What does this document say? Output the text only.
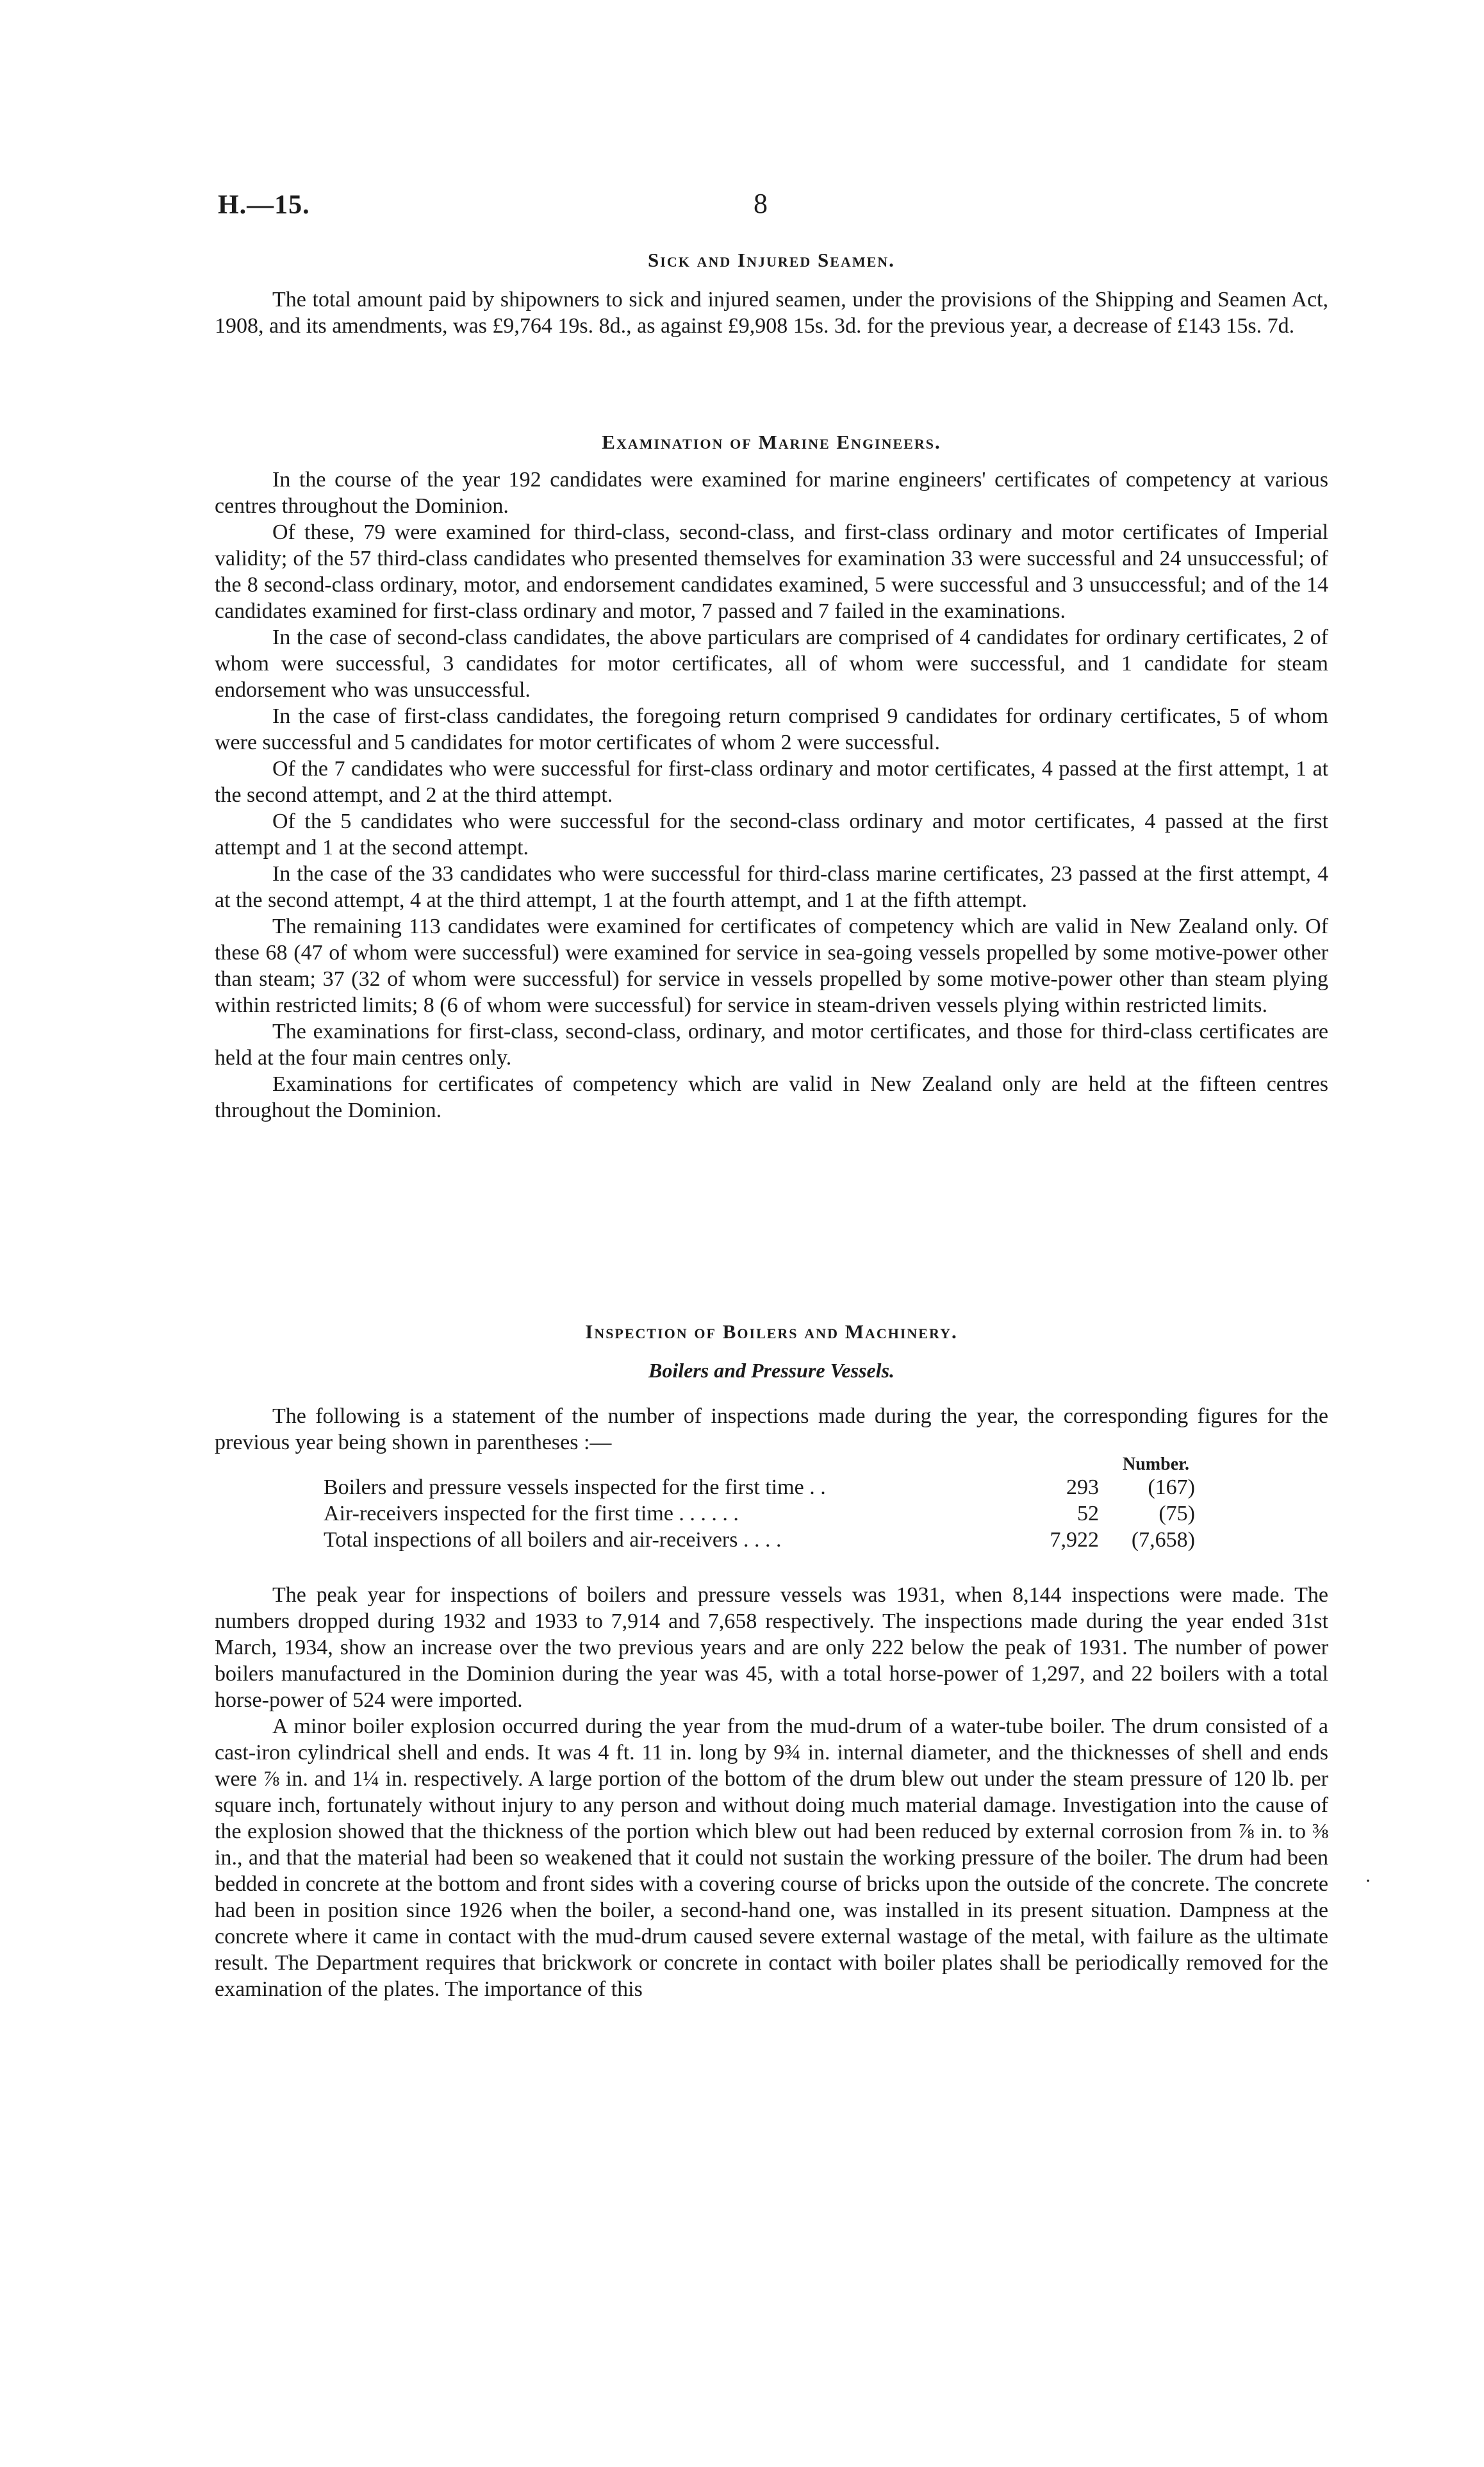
H.—15.	8
Sick and Injured Seamen.

The total amount paid by shipowners to sick and injured seamen, under the provisions of the Shipping and Seamen Act, 1908, and its amendments, was £9,764 19s. 8d., as against £9,908 15s. 3d. for the previous year, a decrease of £143 15s. 7d.

Examination of Marine Engineers.

In the course of the year 192 candidates were examined for marine engineers' certificates of competency at various centres throughout the Dominion.

Of these, 79 were examined for third-class, second-class, and first-class ordinary and motor certificates of Imperial validity; of the 57 third-class candidates who presented themselves for examination 33 were successful and 24 unsuccessful; of the 8 second-class ordinary, motor, and endorsement candidates examined, 5 were successful and 3 unsuccessful; and of the 14 candidates examined for first-class ordinary and motor, 7 passed and 7 failed in the examinations.

In the case of second-class candidates, the above particulars are comprised of 4 candidates for ordinary certificates, 2 of whom were successful, 3 candidates for motor certificates, all of whom were successful, and 1 candidate for steam endorsement who was unsuccessful.

In the case of first-class candidates, the foregoing return comprised 9 candidates for ordinary certificates, 5 of whom were successful and 5 candidates for motor certificates of whom 2 were successful.

Of the 7 candidates who were successful for first-class ordinary and motor certificates, 4 passed at the first attempt, 1 at the second attempt, and 2 at the third attempt.

Of the 5 candidates who were successful for the second-class ordinary and motor certificates, 4 passed at the first attempt and 1 at the second attempt.

In the case of the 33 candidates who were successful for third-class marine certificates, 23 passed at the first attempt, 4 at the second attempt, 4 at the third attempt, 1 at the fourth attempt, and 1 at the fifth attempt.

The remaining 113 candidates were examined for certificates of competency which are valid in New Zealand only. Of these 68 (47 of whom were successful) were examined for service in sea-going vessels propelled by some motive-power other than steam; 37 (32 of whom were successful) for service in vessels propelled by some motive-power other than steam plying within restricted limits; 8 (6 of whom were successful) for service in steam-driven vessels plying within restricted limits.

The examinations for first-class, second-class, ordinary, and motor certificates, and those for third-class certificates are held at the four main centres only.

Examinations for certificates of competency which are valid in New Zealand only are held at the fifteen centres throughout the Dominion.

Inspection of Boilers and Machinery.
Boilers and Pressure Vessels.

The following is a statement of the number of inspections made during the year, the corresponding figures for the previous year being shown in parentheses :—

Number.
Boilers and pressure vessels inspected for the first time . .	293	(167)
Air-receivers inspected for the first time . . . . . .	52	(75)
Total inspections of all boilers and air-receivers . . . .	7,922	(7,658)

The peak year for inspections of boilers and pressure vessels was 1931, when 8,144 inspections were made. The numbers dropped during 1932 and 1933 to 7,914 and 7,658 respectively. The inspections made during the year ended 31st March, 1934, show an increase over the two previous years and are only 222 below the peak of 1931. The number of power boilers manufactured in the Dominion during the year was 45, with a total horse-power of 1,297, and 22 boilers with a total horse-power of 524 were imported.

A minor boiler explosion occurred during the year from the mud-drum of a water-tube boiler. The drum consisted of a cast-iron cylindrical shell and ends. It was 4 ft. 11 in. long by 9¾ in. internal diameter, and the thicknesses of shell and ends were ⅞ in. and 1¼ in. respectively. A large portion of the bottom of the drum blew out under the steam pressure of 120 lb. per square inch, fortunately without injury to any person and without doing much material damage. Investigation into the cause of the explosion showed that the thickness of the portion which blew out had been reduced by external corrosion from ⅞ in. to ⅜ in., and that the material had been so weakened that it could not sustain the working pressure of the boiler. The drum had been bedded in concrete at the bottom and front sides with a covering course of bricks upon the outside of the concrete. The concrete had been in position since 1926 when the boiler, a second-hand one, was installed in its present situation. Dampness at the concrete where it came in contact with the mud-drum caused severe external wastage of the metal, with failure as the ultimate result. The Department requires that brickwork or concrete in contact with boiler plates shall be periodically removed for the examination of the plates. The importance of this

·
